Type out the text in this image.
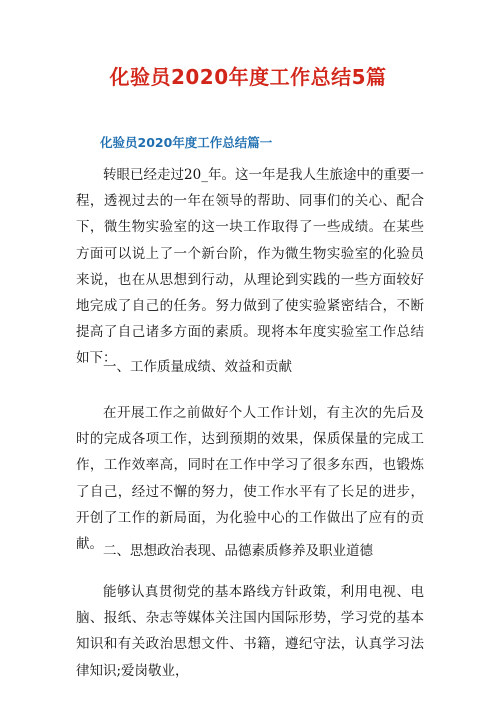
化验员2020年度工作总结5篇
化验员2020年度工作总结篇一

转眼已经走过20_年。这一年是我人生旅途中的重要一程，透视过去的一年在领导的帮助、同事们的关心、配合下，微生物实验室的这一块工作取得了一些成绩。在某些方面可以说上了一个新台阶，作为微生物实验室的化验员来说，也在从思想到行动，从理论到实践的一些方面较好地完成了自己的任务。努力做到了使实验紧密结合，不断提高了自己诸多方面的素质。现将本年度实验室工作总结如下：

一、工作质量成绩、效益和贡献

在开展工作之前做好个人工作计划，有主次的先后及时的完成各项工作，达到预期的效果，保质保量的完成工作，工作效率高，同时在工作中学习了很多东西，也锻炼了自己，经过不懈的努力，使工作水平有了长足的进步，开创了工作的新局面，为化验中心的工作做出了应有的贡献。 二、思想政治表现、品德素质修养及职业道德

能够认真贯彻党的基本路线方针政策，利用电视、电脑、报纸、杂志等媒体关注国内国际形势，学习党的基本知识和有关政治思想文件、书籍，遵纪守法，认真学习法律知识;爱岗敬业，
